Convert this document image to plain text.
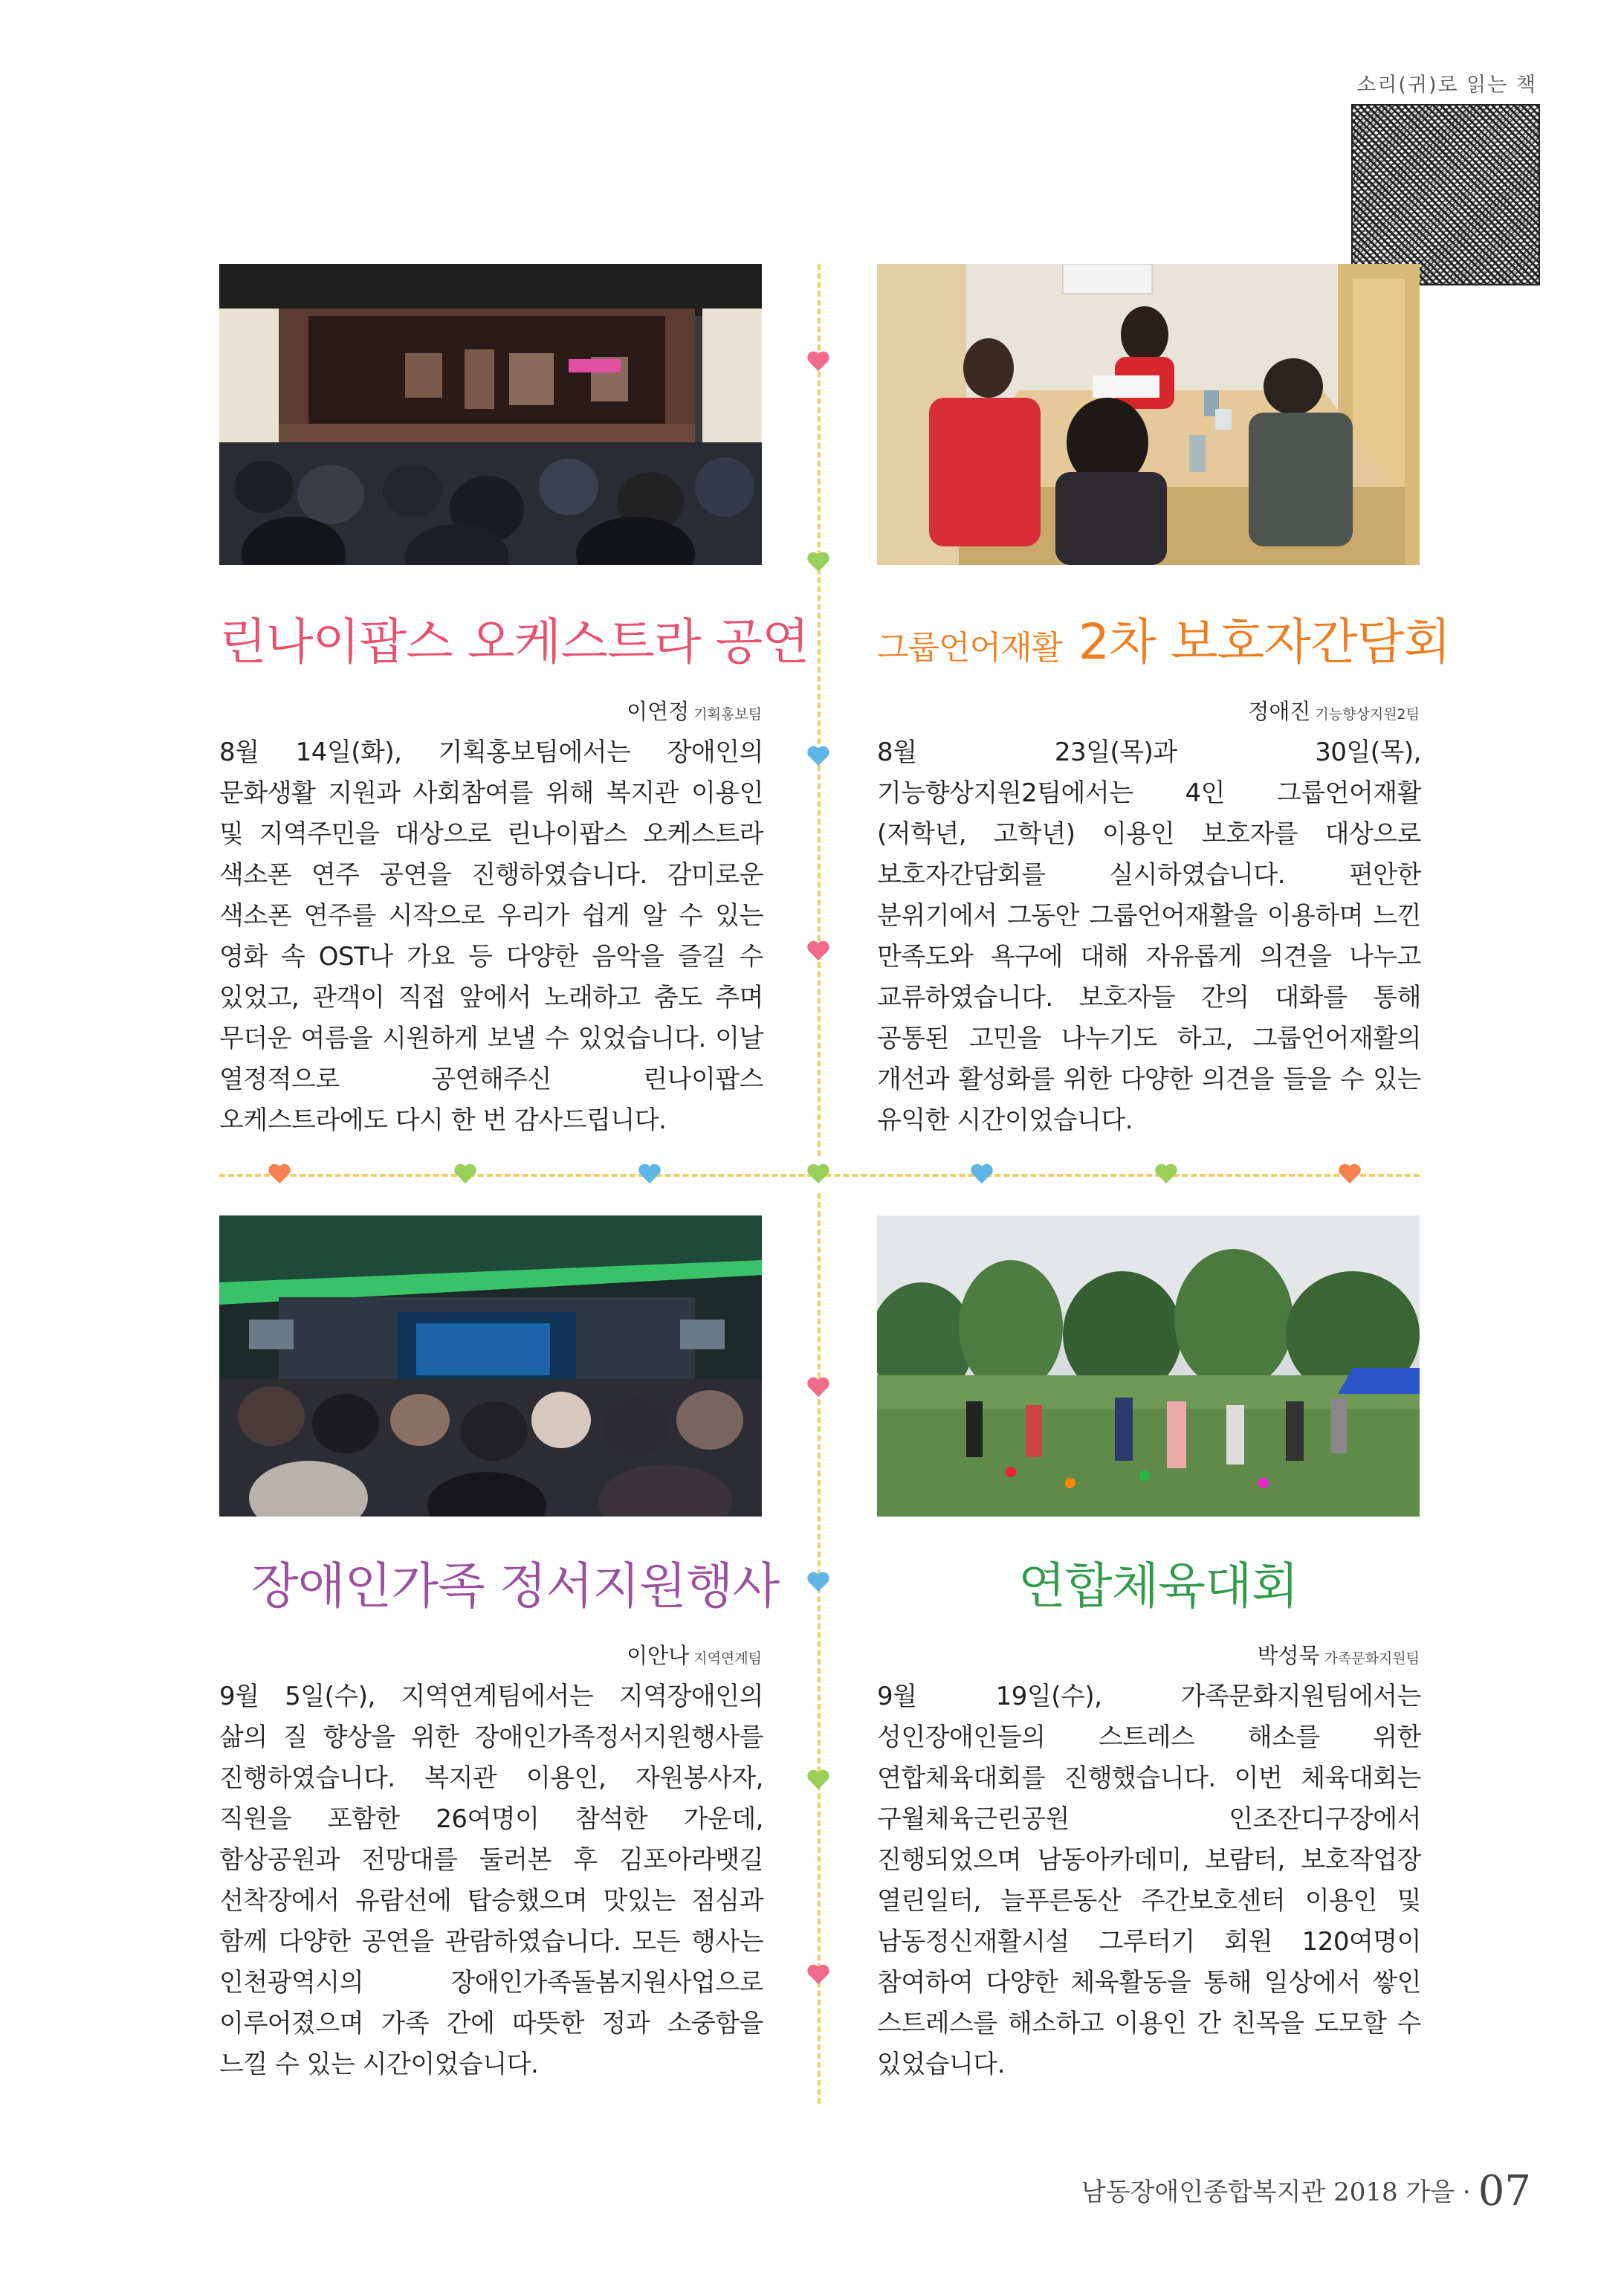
소리(귀)로 읽는 책
린나이팝스 오케스트라 공연
이연정 기획홍보팀
8월 14일(화), 기획홍보팀에서는 장애인의 문화생활 지원과 사회참여를 위해 복지관 이용인 및 지역주민을 대상으로 린나이팝스 오케스트라 색소폰 연주 공연을 진행하였습니다. 감미로운 색소폰 연주를 시작으로 우리가 쉽게 알 수 있는 영화 속 OST나 가요 등 다양한 음악을 즐길 수 있었고, 관객이 직접 앞에서 노래하고 춤도 추며 무더운 여름을 시원하게 보낼 수 있었습니다. 이날 열정적으로 공연해주신 린나이팝스 오케스트라에도 다시 한 번 감사드립니다.
그룹언어재활 2차 보호자간담회
정애진 기능향상지원2팀
8월 23일(목)과 30일(목), 기능향상지원2팀에서는 4인 그룹언어재활(저학년, 고학년) 이용인 보호자를 대상으로 보호자간담회를 실시하였습니다. 편안한 분위기에서 그동안 그룹언어재활을 이용하며 느낀 만족도와 욕구에 대해 자유롭게 의견을 나누고 교류하였습니다. 보호자들 간의 대화를 통해 공통된 고민을 나누기도 하고, 그룹언어재활의 개선과 활성화를 위한 다양한 의견을 들을 수 있는 유익한 시간이었습니다.
장애인가족 정서지원행사
이안나 지역연계팀
9월 5일(수), 지역연계팀에서는 지역장애인의 삶의 질 향상을 위한 장애인가족정서지원행사를 진행하였습니다. 복지관 이용인, 자원봉사자, 직원을 포함한 26여명이 참석한 가운데, 함상공원과 전망대를 둘러본 후 김포아라뱃길 선착장에서 유람선에 탑승했으며 맛있는 점심과 함께 다양한 공연을 관람하였습니다. 모든 행사는 인천광역시의 장애인가족돌봄지원사업으로 이루어졌으며 가족 간에 따뜻한 정과 소중함을 느낄 수 있는 시간이었습니다.
연합체육대회
박성묵 가족문화지원팀
9월 19일(수), 가족문화지원팀에서는 성인장애인들의 스트레스 해소를 위한 연합체육대회를 진행했습니다. 이번 체육대회는 구월체육근린공원 인조잔디구장에서 진행되었으며 남동아카데미, 보람터, 보호작업장 열린일터, 늘푸른동산 주간보호센터 이용인 및 남동정신재활시설 그루터기 회원 120여명이 참여하여 다양한 체육활동을 통해 일상에서 쌓인 스트레스를 해소하고 이용인 간 친목을 도모할 수 있었습니다.
남동장애인종합복지관 2018 가을 · 07
